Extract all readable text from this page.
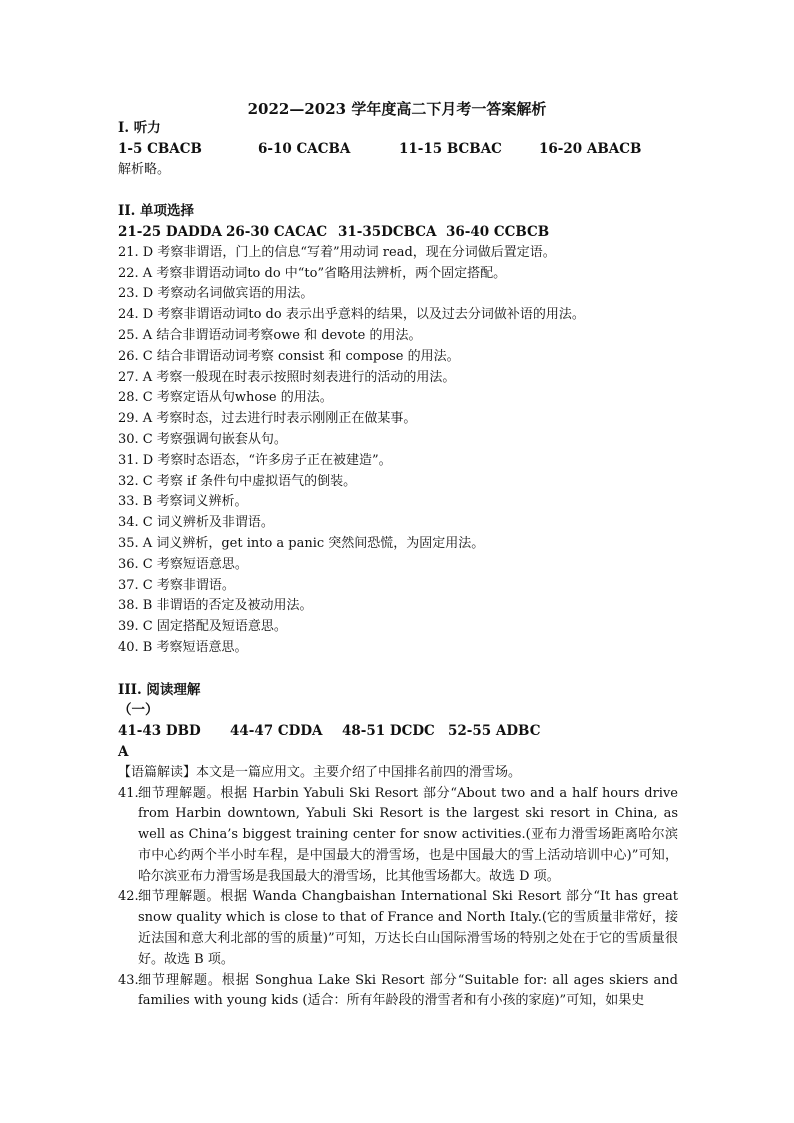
2022—2023 学年度高二下月考一答案解析
I. 听力
1-5 CBACB	6-10 CACBA	11-15 BCBAC	16-20 ABACB
解析略。
II. 单项选择
21-25 DADDA 26-30 CACAC 31-35DCBCA 36-40 CCBCB
21. D 考察非谓语，门上的信息“写着”用动词 read，现在分词做后置定语。
22. A 考察非谓语动词to do 中“to”省略用法辨析，两个固定搭配。
23. D 考察动名词做宾语的用法。
24. D 考察非谓语动词to do 表示出乎意料的结果，以及过去分词做补语的用法。
25. A 结合非谓语动词考察owe 和 devote 的用法。
26. C 结合非谓语动词考察 consist 和 compose 的用法。
27. A 考察一般现在时表示按照时刻表进行的活动的用法。
28. C 考察定语从句whose 的用法。
29. A 考察时态，过去进行时表示刚刚正在做某事。
30. C 考察强调句嵌套从句。
31. D 考察时态语态，“许多房子正在被建造”。
32. C 考察 if 条件句中虚拟语气的倒装。
33. B 考察词义辨析。
34. C 词义辨析及非谓语。
35. A 词义辨析，get into a panic 突然间恐慌，为固定用法。
36. C 考察短语意思。
37. C 考察非谓语。
38. B 非谓语的否定及被动用法。
39. C 固定搭配及短语意思。
40. B 考察短语意思。
III. 阅读理解
（一）
41-43 DBD	44-47 CDDA	48-51 DCDC 52-55 ADBC
A
【语篇解读】本文是一篇应用文。主要介绍了中国排名前四的滑雪场。
41. 细节理解题。根据 Harbin Yabuli Ski Resort 部分“About two and a half hours drive from Harbin downtown, Yabuli Ski Resort is the largest ski resort in China, as well as China’s biggest training center for snow activities.(亚布力滑雪场距离哈尔滨市中心约两个半小时车程，是中国最大的滑雪场，也是中国最大的雪上活动培训中心)”可知，哈尔滨亚布力滑雪场是我国最大的滑雪场，比其他雪场都大。故选 D 项。
42. 细节理解题。根据 Wanda Changbaishan International Ski Resort 部分“It has great snow quality which is close to that of France and North Italy.(它的雪质量非常好，接近法国和意大利北部的雪的质量)”可知，万达长白山国际滑雪场的特别之处在于它的雪质量很好。故选 B 项。
43. 细节理解题。根据 Songhua Lake Ski Resort 部分“Suitable for: all ages skiers and families with young kids (适合：所有年龄段的滑雪者和有小孩的家庭)”可知，如果史
